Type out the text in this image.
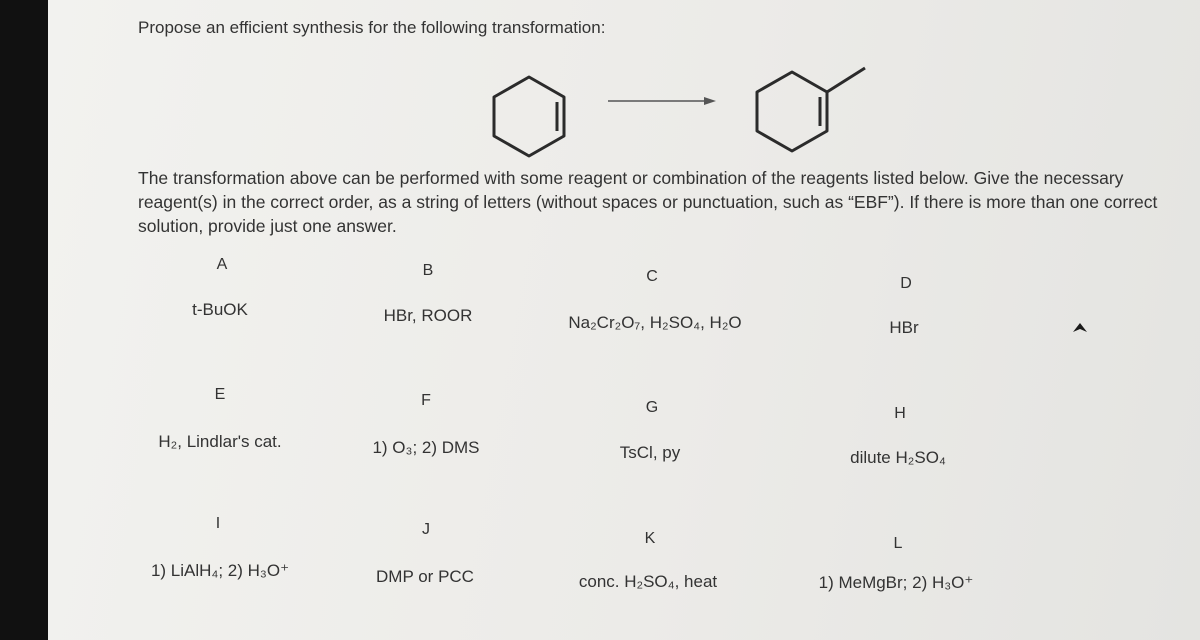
Propose an efficient synthesis for the following transformation:
The transformation above can be performed with some reagent or combination of the reagents listed below. Give the necessary reagent(s) in the correct order, as a string of letters (without spaces or punctuation, such as “EBF”). If there is more than one correct solution, provide just one answer.
A
t-BuOK
B
HBr, ROOR
C
Na₂Cr₂O₇, H₂SO₄, H₂O
D
HBr
E
H₂, Lindlar's cat.
F
1) O₃; 2) DMS
G
TsCl, py
H
dilute H₂SO₄
I
1) LiAlH₄; 2) H₃O⁺
J
DMP or PCC
K
conc. H₂SO₄, heat
L
1) MeMgBr; 2) H₃O⁺
